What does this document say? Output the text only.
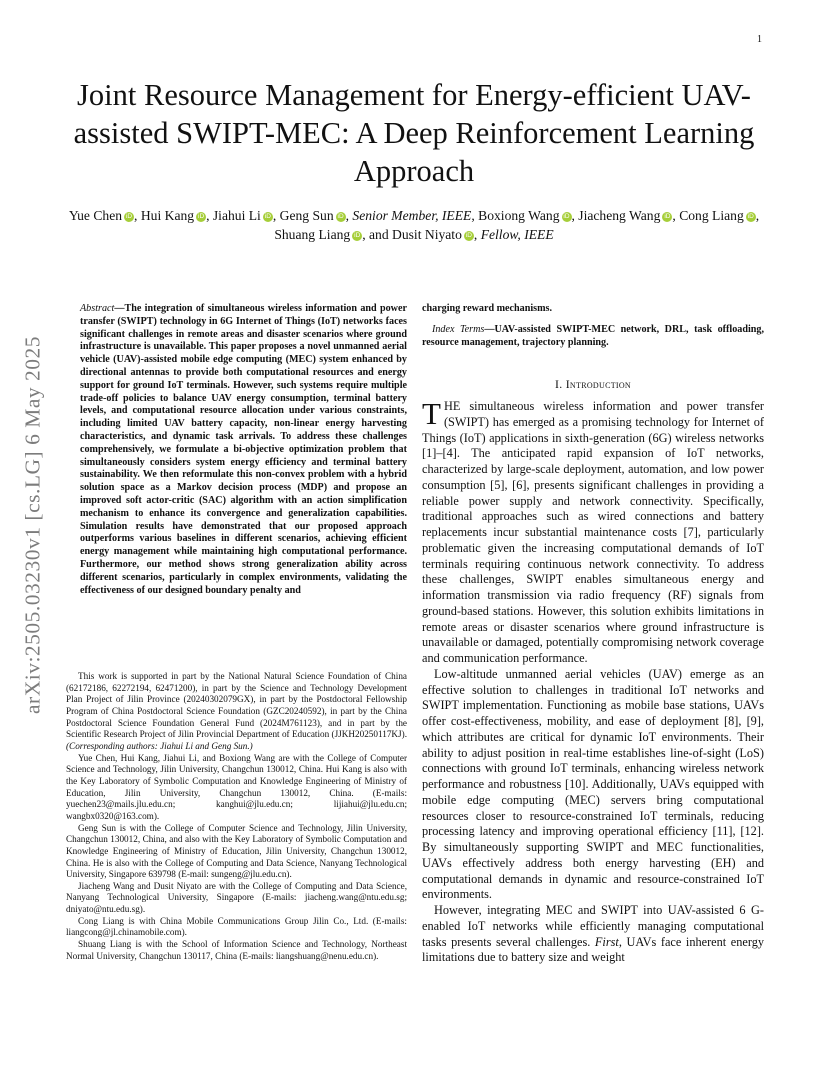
1
arXiv:2505.03230v1 [cs.LG] 6 May 2025
Joint Resource Management for Energy-efficient UAV-assisted SWIPT-MEC: A Deep Reinforcement Learning Approach
Yue Chen iD , Hui Kang iD , Jiahui Li iD , Geng Sun iD , Senior Member, IEEE, Boxiong Wang iD , Jiacheng Wang iD , Cong Liang iD , Shuang Liang iD , and Dusit Niyato iD , Fellow, IEEE
Abstract—The integration of simultaneous wireless information and power transfer (SWIPT) technology in 6G Internet of Things (IoT) networks faces significant challenges in remote areas and disaster scenarios where ground infrastructure is unavailable. This paper proposes a novel unmanned aerial vehicle (UAV)-assisted mobile edge computing (MEC) system enhanced by directional antennas to provide both computational resources and energy support for ground IoT terminals. However, such systems require multiple trade-off policies to balance UAV energy consumption, terminal battery levels, and computational resource allocation under various constraints, including limited UAV battery capacity, non-linear energy harvesting characteristics, and dynamic task arrivals. To address these challenges comprehensively, we formulate a bi-objective optimization problem that simultaneously considers system energy efficiency and terminal battery sustainability. We then reformulate this non-convex problem with a hybrid solution space as a Markov decision process (MDP) and propose an improved soft actor-critic (SAC) algorithm with an action simplification mechanism to enhance its convergence and generalization capabilities. Simulation results have demonstrated that our proposed approach outperforms various baselines in different scenarios, achieving efficient energy management while maintaining high computational performance. Furthermore, our method shows strong generalization ability across different scenarios, particularly in complex environments, validating the effectiveness of our designed boundary penalty and

This work is supported in part by the National Natural Science Foundation of China (62172186, 62272194, 62471200), in part by the Science and Technology Development Plan Project of Jilin Province (20240302079GX), in part by the Postdoctoral Fellowship Program of China Postdoctoral Science Foundation (GZC20240592), in part by the China Postdoctoral Science Foundation General Fund (2024M761123), and in part by the Scientific Research Project of Jilin Provincial Department of Education (JJKH20250117KJ). (Corresponding authors: Jiahui Li and Geng Sun.)

Yue Chen, Hui Kang, Jiahui Li, and Boxiong Wang are with the College of Computer Science and Technology, Jilin University, Changchun 130012, China. Hui Kang is also with the Key Laboratory of Symbolic Computation and Knowledge Engineering of Ministry of Education, Jilin University, Changchun 130012, China. (E-mails: yuechen23@mails.jlu.edu.cn; kanghui@jlu.edu.cn; lijiahui@jlu.edu.cn; wangbx0320@163.com).

Geng Sun is with the College of Computer Science and Technology, Jilin University, Changchun 130012, China, and also with the Key Laboratory of Symbolic Computation and Knowledge Engineering of Ministry of Education, Jilin University, Changchun 130012, China. He is also with the College of Computing and Data Science, Nanyang Technological University, Singapore 639798 (E-mail: sungeng@jlu.edu.cn).

Jiacheng Wang and Dusit Niyato are with the College of Computing and Data Science, Nanyang Technological University, Singapore (E-mails: jiacheng.wang@ntu.edu.sg; dniyato@ntu.edu.sg).

Cong Liang is with China Mobile Communications Group Jilin Co., Ltd. (E-mails: liangcong@jl.chinamobile.com).

Shuang Liang is with the School of Information Science and Technology, Northeast Normal University, Changchun 130117, China (E-mails: liangshuang@nenu.edu.cn).

charging reward mechanisms.
Index Terms—UAV-assisted SWIPT-MEC network, DRL, task offloading, resource management, trajectory planning.
I. Introduction

THE simultaneous wireless information and power transfer (SWIPT) has emerged as a promising technology for Internet of Things (IoT) applications in sixth-generation (6G) wireless networks [1]–[4]. The anticipated rapid expansion of IoT networks, characterized by large-scale deployment, automation, and low power consumption [5], [6], presents significant challenges in providing a reliable power supply and network connectivity. Specifically, traditional approaches such as wired connections and battery replacements incur substantial maintenance costs [7], particularly problematic given the increasing computational demands of IoT terminals requiring continuous network connectivity. To address these challenges, SWIPT enables simultaneous energy and information transmission via radio frequency (RF) signals from ground-based stations. However, this solution exhibits limitations in remote areas or disaster scenarios where ground infrastructure is unavailable or damaged, potentially compromising network coverage and communication performance.

Low-altitude unmanned aerial vehicles (UAV) emerge as an effective solution to challenges in traditional IoT networks and SWIPT implementation. Functioning as mobile base stations, UAVs offer cost-effectiveness, mobility, and ease of deployment [8], [9], which attributes are critical for dynamic IoT environments. Their ability to adjust position in real-time establishes line-of-sight (LoS) connections with ground IoT terminals, enhancing wireless network performance and robustness [10]. Additionally, UAVs equipped with mobile edge computing (MEC) servers bring computational resources closer to resource-constrained IoT terminals, reducing processing latency and improving operational efficiency [11], [12]. By simultaneously supporting SWIPT and MEC functionalities, UAVs effectively address both energy harvesting (EH) and computational demands in dynamic and resource-constrained IoT environments.

However, integrating MEC and SWIPT into UAV-assisted 6 G-enabled IoT networks while efficiently managing computational tasks presents several challenges. First, UAVs face inherent energy limitations due to battery size and weight
